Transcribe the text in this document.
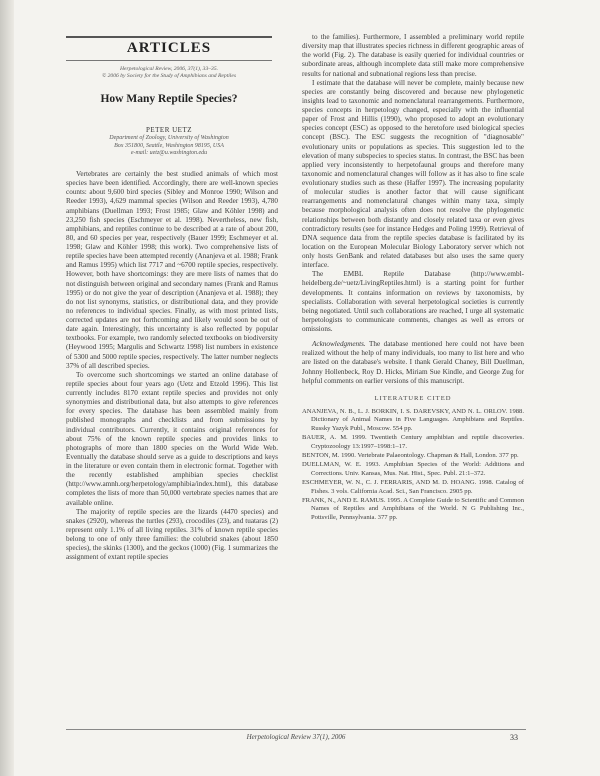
ARTICLES
Herpetological Review, 2006, 37(1), 33–35.
© 2006 by Society for the Study of Amphibians and Reptiles
How Many Reptile Species?
PETER UETZ
Department of Zoology, University of Washington
Box 351800, Seattle, Washington 98195, USA
e-mail: uetz@u.washington.edu

Vertebrates are certainly the best studied animals of which most species have been identified. Accordingly, there are well-known species counts: about 9,600 bird species (Sibley and Monroe 1990; Wilson and Reeder 1993), 4,629 mammal species (Wilson and Reeder 1993), 4,780 amphibians (Duellman 1993; Frost 1985; Glaw and Köhler 1998) and 23,250 fish species (Eschmeyer et al. 1998). Nevertheless, new fish, amphibians, and reptiles continue to be described at a rate of about 200, 80, and 60 species per year, respectively (Bauer 1999; Eschmeyer et al. 1998; Glaw and Köhler 1998; this work). Two comprehensive lists of reptile species have been attempted recently (Ananjeva et al. 1988; Frank and Ramus 1995) which list 7717 and ~6700 reptile species, respectively. However, both have shortcomings: they are mere lists of names that do not distinguish between original and secondary names (Frank and Ramus 1995) or do not give the year of description (Ananjeva et al. 1988); they do not list synonyms, statistics, or distributional data, and they provide no references to individual species. Finally, as with most printed lists, corrected updates are not forthcoming and likely would soon be out of date again. Interestingly, this uncertainty is also reflected by popular textbooks. For example, two randomly selected textbooks on biodiversity (Heywood 1995; Margulis and Schwartz 1998) list numbers in existence of 5300 and 5000 reptile species, respectively. The latter number neglects 37% of all described species.

To overcome such shortcomings we started an online database of reptile species about four years ago (Uetz and Etzold 1996). This list currently includes 8170 extant reptile species and provides not only synonymies and distributional data, but also attempts to give references for every species. The database has been assembled mainly from published monographs and checklists and from submissions by individual contributors. Currently, it contains original references for about 75% of the known reptile species and provides links to photographs of more than 1800 species on the World Wide Web. Eventually the database should serve as a guide to descriptions and keys in the literature or even contain them in electronic format. Together with the recently established amphibian species checklist (http://www.amnh.org/herpetology/amphibia/index.html), this database completes the lists of more than 50,000 vertebrate species names that are available online.

The majority of reptile species are the lizards (4470 species) and snakes (2920), whereas the turtles (293), crocodiles (23), and tuataras (2) represent only 1.1% of all living reptiles. 31% of known reptile species belong to one of only three families: the colubrid snakes (about 1850 species), the skinks (1300), and the geckos (1000) (Fig. 1 summarizes the assignment of extant reptile species

to the families). Furthermore, I assembled a preliminary world reptile diversity map that illustrates species richness in different geographic areas of the world (Fig. 2). The database is easily queried for individual countries or subordinate areas, although incomplete data still make more comprehensive results for national and subnational regions less than precise.

I estimate that the database will never be complete, mainly because new species are constantly being discovered and because new phylogenetic insights lead to taxonomic and nomenclatural rearrangements. Furthermore, species concepts in herpetology changed, especially with the influential paper of Frost and Hillis (1990), who proposed to adopt an evolutionary species concept (ESC) as opposed to the heretofore used biological species concept (BSC). The ESC suggests the recognition of "diagnosable" evolutionary units or populations as species. This suggestion led to the elevation of many subspecies to species status. In contrast, the BSC has been applied very inconsistently to herpetofaunal groups and therefore many taxonomic and nomenclatural changes will follow as it has also to fine scale evolutionary studies such as these (Haffer 1997). The increasing popularity of molecular studies is another factor that will cause significant rearrangements and nomenclatural changes within many taxa, simply because morphological analysis often does not resolve the phylogenetic relationships between both distantly and closely related taxa or even gives contradictory results (see for instance Hedges and Poling 1999). Retrieval of DNA sequence data from the reptile species database is facilitated by its location on the European Molecular Biology Laboratory server which not only hosts GenBank and related databases but also uses the same query interface.

The EMBL Reptile Database (http://www.embl-heidelberg.de/~uetz/LivingReptiles.html) is a starting point for further developments. It contains information on reviews by taxonomists, by specialists. Collaboration with several herpetological societies is currently being negotiated. Until such collaborations are reached, I urge all systematic herpetologists to communicate comments, changes as well as errors or omissions.

Acknowledgments. The database mentioned here could not have been realized without the help of many individuals, too many to list here and who are listed on the database's website. I thank Gerald Chaney, Bill Duellman, Johnny Hollenbeck, Roy D. Hicks, Miriam Sue Kindle, and George Zug for helpful comments on earlier versions of this manuscript.

LITERATURE CITED

ANANJEVA, N. B., L. J. BORKIN, I. S. DAREVSKY, AND N. L. ORLOV. 1988. Dictionary of Animal Names in Five Languages. Amphibians and Reptiles. Russky Yazyk Publ., Moscow. 554 pp.

BAUER, A. M. 1999. Twentieth Century amphibian and reptile discoveries. Cryptozoology 13:1997–1998:1–17.

BENTON, M. 1990. Vertebrate Palaeontology. Chapman & Hall, London. 377 pp.

DUELLMAN, W. E. 1993. Amphibian Species of the World: Additions and Corrections. Univ. Kansas, Mus. Nat. Hist., Spec. Publ. 21:1–372.

ESCHMEYER, W. N., C. J. FERRARIS, AND M. D. HOANG. 1998. Catalog of Fishes. 3 vols. California Acad. Sci., San Francisco. 2905 pp.

FRANK, N., AND E. RAMUS. 1995. A Complete Guide to Scientific and Common Names of Reptiles and Amphibians of the World. N G Publishing Inc., Pottsville, Pennsylvania. 377 pp.

Herpetological Review 37(1), 2006	33
